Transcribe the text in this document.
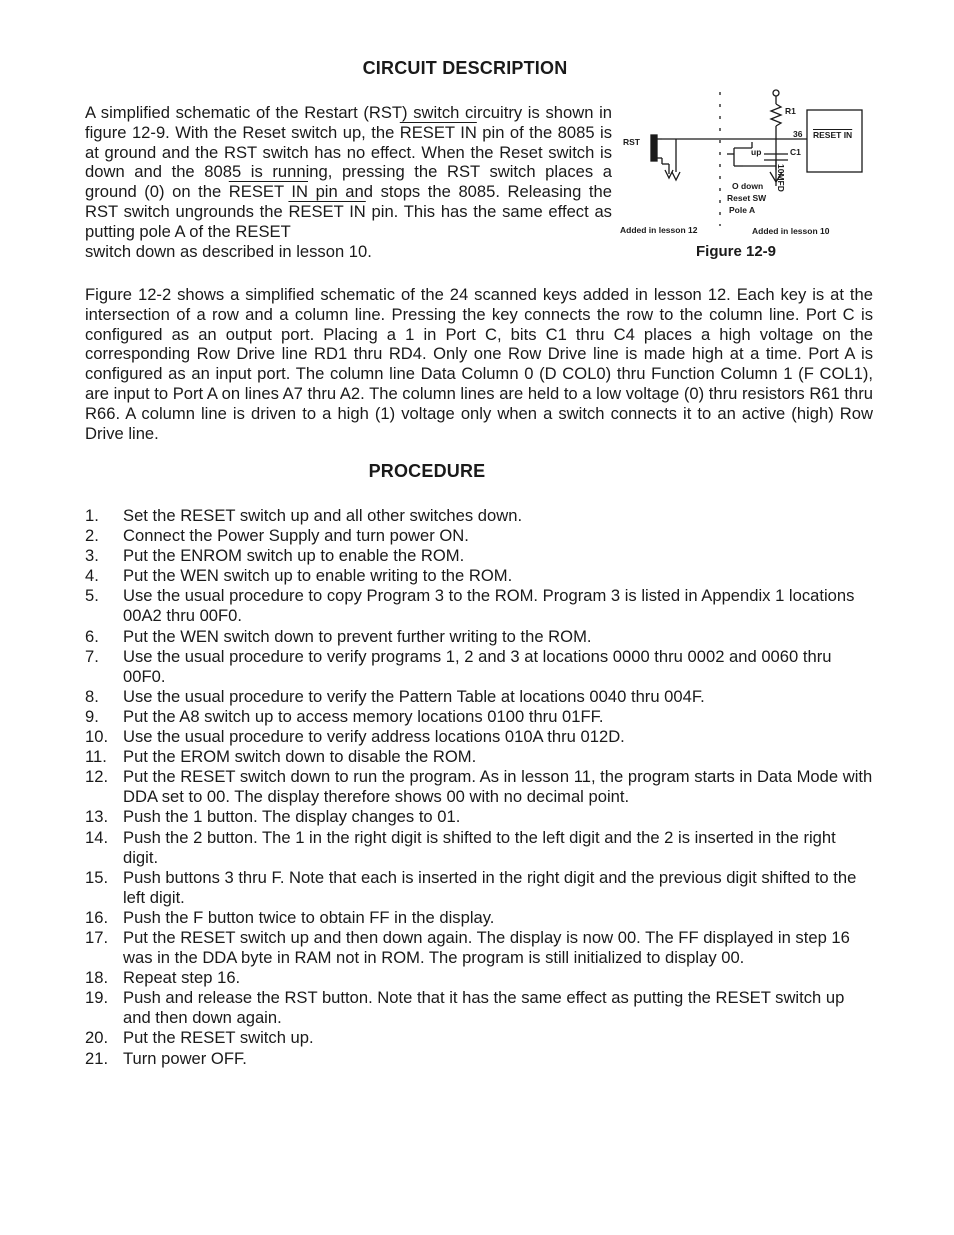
CIRCUIT DESCRIPTION
A simplified schematic of the Restart (RST) switch circuitry is shown in figure 12-9. With the Reset switch up, the RESET IN pin of the 8085 is at ground and the RST switch has no effect. When the Reset switch is down and the 8085 is running, pressing the RST switch places a ground (0) on the RESET IN pin and stops the 8085. Releasing the RST switch ungrounds the RESET IN pin. This has the same effect as putting pole A of the RESET
switch down as described in lesson 10.
R1
RST
36 RESET IN
up	C1
10MFD
O down
Reset SW
Pole A
Added in lesson 12	Added in lesson 10
Figure 12-9
Figure 12-2 shows a simplified schematic of the 24 scanned keys added in lesson 12. Each key is at the intersection of a row and a column line. Pressing the key connects the row to the column line. Port C is configured as an output port. Placing a 1 in Port C, bits C1 thru C4 places a high voltage on the corresponding Row Drive line RD1 thru RD4. Only one Row Drive line is made high at a time. Port A is configured as an input port. The column line Data Column 0 (D COL0) thru Function Column 1 (F COL1), are input to Port A on lines A7 thru A2. The column lines are held to a low voltage (0) thru resistors R61 thru R66. A column line is driven to a high (1) voltage only when a switch connects it to an active (high) Row Drive line.
PROCEDURE
1. Set the RESET switch up and all other switches down.
2. Connect the Power Supply and turn power ON.
3. Put the ENROM switch up to enable the ROM.
4. Put the WEN switch up to enable writing to the ROM.
5. Use the usual procedure to copy Program 3 to the ROM. Program 3 is listed in Appendix 1 locations 00A2 thru 00F0.
6. Put the WEN switch down to prevent further writing to the ROM.
7. Use the usual procedure to verify programs 1, 2 and 3 at locations 0000 thru 0002 and 0060 thru 00F0.
8. Use the usual procedure to verify the Pattern Table at locations 0040 thru 004F.
9. Put the A8 switch up to access memory locations 0100 thru 01FF.
10. Use the usual procedure to verify address locations 010A thru 012D.
11. Put the EROM switch down to disable the ROM.
12. Put the RESET switch down to run the program. As in lesson 11, the program starts in Data Mode with DDA set to 00. The display therefore shows 00 with no decimal point.
13. Push the 1 button. The display changes to 01.
14. Push the 2 button. The 1 in the right digit is shifted to the left digit and the 2 is inserted in the right digit.
15. Push buttons 3 thru F. Note that each is inserted in the right digit and the previous digit shifted to the left digit.
16. Push the F button twice to obtain FF in the display.
17. Put the RESET switch up and then down again. The display is now 00. The FF displayed in step 16 was in the DDA byte in RAM not in ROM. The program is still initialized to display 00.
18. Repeat step 16.
19. Push and release the RST button. Note that it has the same effect as putting the RESET switch up and then down again.
20. Put the RESET switch up.
21. Turn power OFF.
